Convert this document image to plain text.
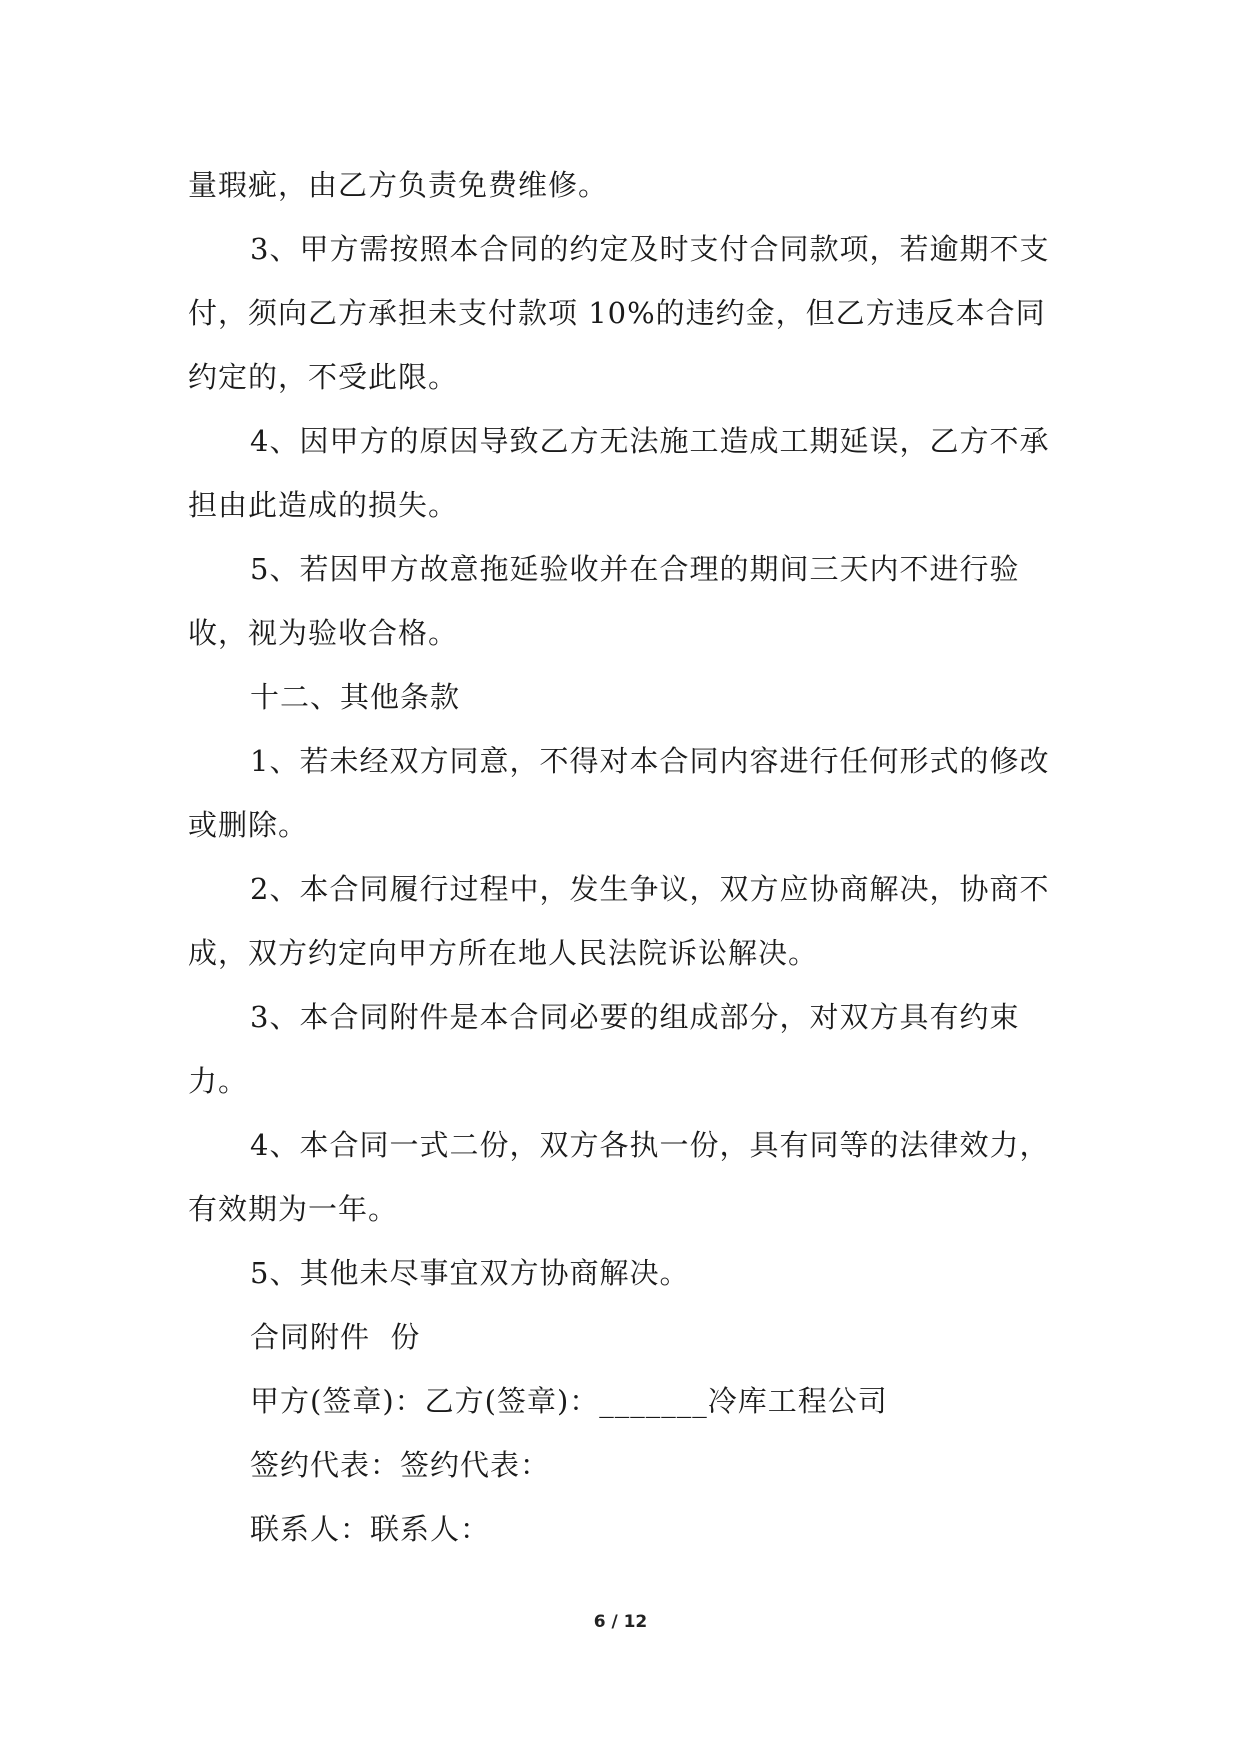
量瑕疵，由乙方负责免费维修。

3、甲方需按照本合同的约定及时支付合同款项，若逾期不支付，须向乙方承担未支付款项 10%的违约金，但乙方违反本合同约定的，不受此限。

4、因甲方的原因导致乙方无法施工造成工期延误，乙方不承担由此造成的损失。

5、若因甲方故意拖延验收并在合理的期间三天内不进行验收，视为验收合格。

十二、其他条款

1、若未经双方同意，不得对本合同内容进行任何形式的修改或删除。

2、本合同履行过程中，发生争议，双方应协商解决，协商不成，双方约定向甲方所在地人民法院诉讼解决。

3、本合同附件是本合同必要的组成部分，对双方具有约束力。

4、本合同一式二份，双方各执一份，具有同等的法律效力，有效期为一年。

5、其他未尽事宜双方协商解决。

合同附件  份

甲方(签章)：乙方(签章)：_______冷库工程公司

签约代表：签约代表：

联系人：联系人：

6 / 12
